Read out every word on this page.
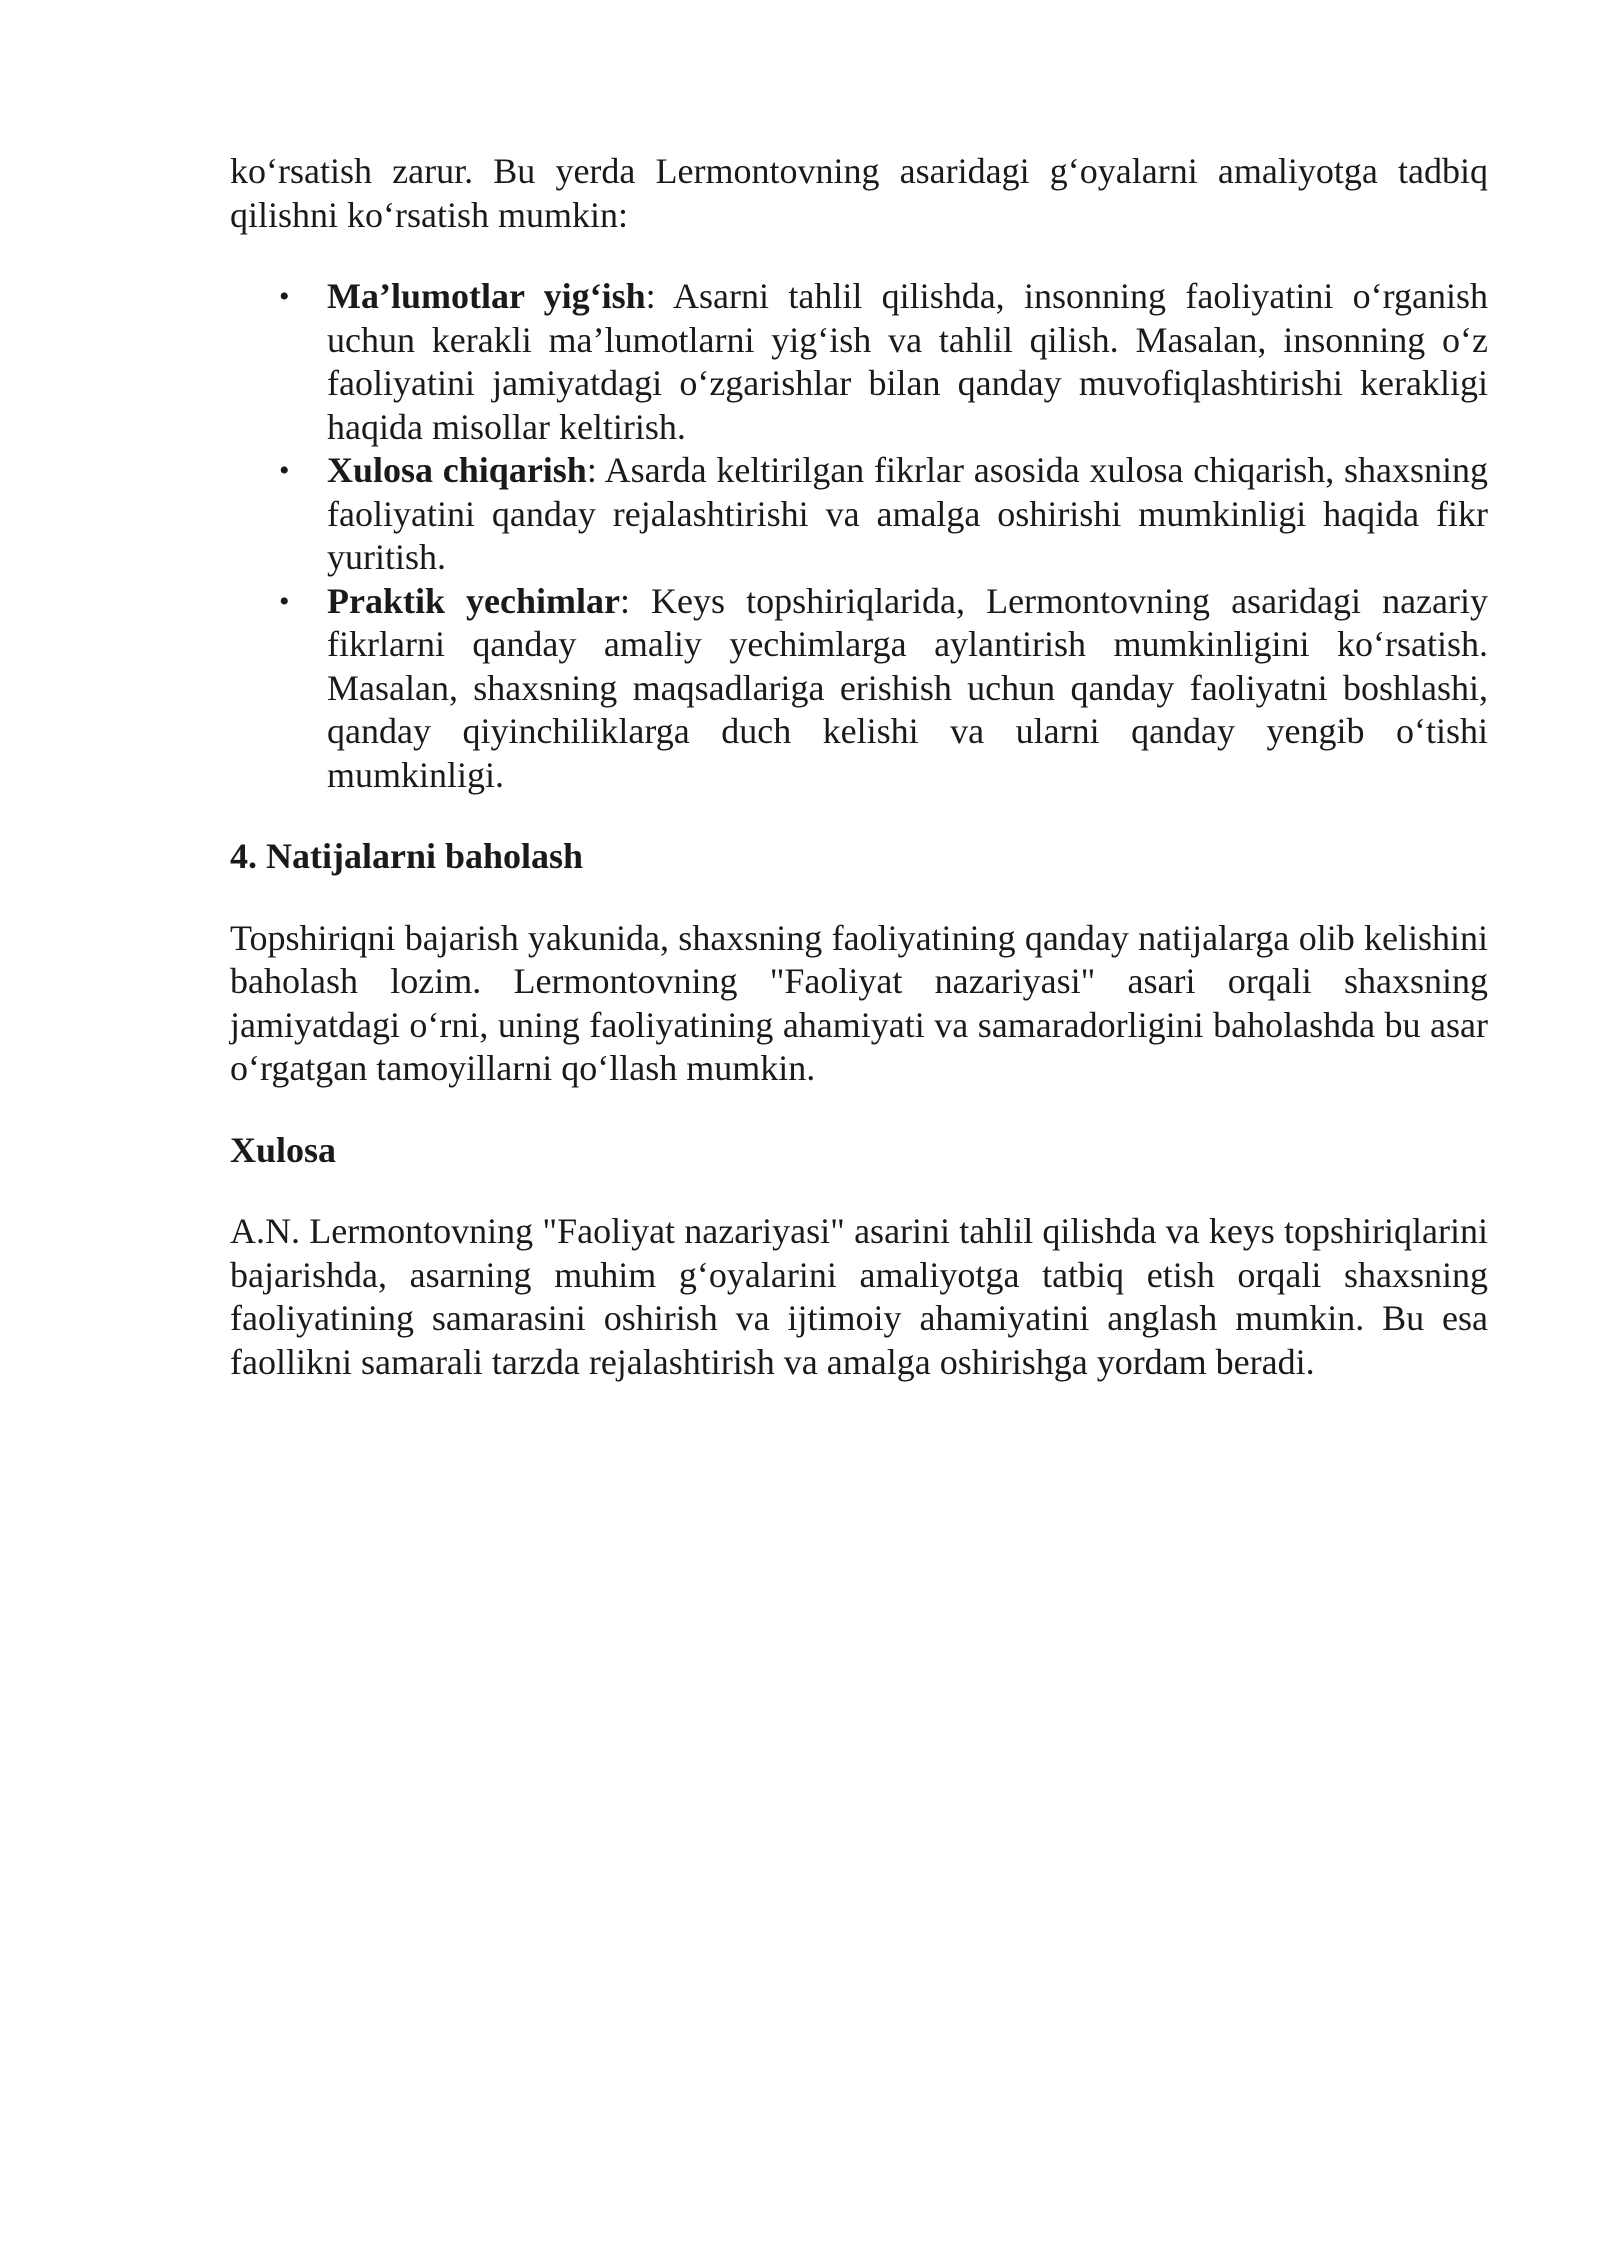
ko‘rsatish zarur. Bu yerda Lermontovning asaridagi g‘oyalarni amaliyotga tadbiq qilishni ko‘rsatish mumkin:

• Ma’lumotlar yig‘ish: Asarni tahlil qilishda, insonning faoliyatini o‘rganish uchun kerakli ma’lumotlarni yig‘ish va tahlil qilish. Masalan, insonning o‘z faoliyatini jamiyatdagi o‘zgarishlar bilan qanday muvofiqlashtirishi kerakligi haqida misollar keltirish.
• Xulosa chiqarish: Asarda keltirilgan fikrlar asosida xulosa chiqarish, shaxsning faoliyatini qanday rejalashtirishi va amalga oshirishi mumkinligi haqida fikr yuritish.
• Praktik yechimlar: Keys topshiriqlarida, Lermontovning asaridagi nazariy fikrlarni qanday amaliy yechimlarga aylantirish mumkinligini ko‘rsatish. Masalan, shaxsning maqsadlariga erishish uchun qanday faoliyatni boshlashi, qanday qiyinchiliklarga duch kelishi va ularni qanday yengib o‘tishi mumkinligi.
4. Natijalarni baholash

Topshiriqni bajarish yakunida, shaxsning faoliyatining qanday natijalarga olib kelishini baholash lozim. Lermontovning "Faoliyat nazariyasi" asari orqali shaxsning jamiyatdagi o‘rni, uning faoliyatining ahamiyati va samaradorligini baholashda bu asar o‘rgatgan tamoyillarni qo‘llash mumkin.

Xulosa

A.N. Lermontovning "Faoliyat nazariyasi" asarini tahlil qilishda va keys topshiriqlarini bajarishda, asarning muhim g‘oyalarini amaliyotga tatbiq etish orqali shaxsning faoliyatining samarasini oshirish va ijtimoiy ahamiyatini anglash mumkin. Bu esa faollikni samarali tarzda rejalashtirish va amalga oshirishga yordam beradi.
